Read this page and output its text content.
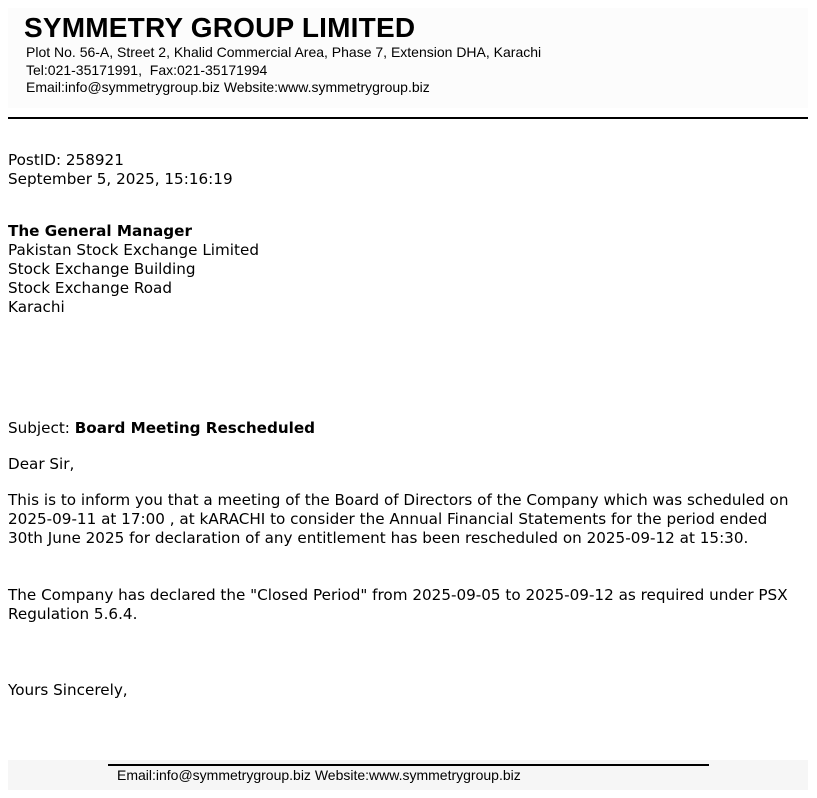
SYMMETRY GROUP LIMITED
Plot No. 56-A, Street 2, Khalid Commercial Area, Phase 7, Extension DHA, Karachi
Tel:021-35171991,  Fax:021-35171994
Email:info@symmetrygroup.biz Website:www.symmetrygroup.biz
PostID: 258921
September 5, 2025, 15:16:19
The General Manager
Pakistan Stock Exchange Limited
Stock Exchange Building
Stock Exchange Road
Karachi
Subject: Board Meeting Rescheduled
Dear Sir,
This is to inform you that a meeting of the Board of Directors of the Company which was scheduled on 2025-09-11 at 17:00 , at kARACHI to consider the Annual Financial Statements for the period ended 30th June 2025 for declaration of any entitlement has been rescheduled on 2025-09-12 at 15:30.
The Company has declared the "Closed Period" from 2025-09-05 to 2025-09-12 as required under PSX Regulation 5.6.4.
Yours Sincerely,
Email:info@symmetrygroup.biz Website:www.symmetrygroup.biz
